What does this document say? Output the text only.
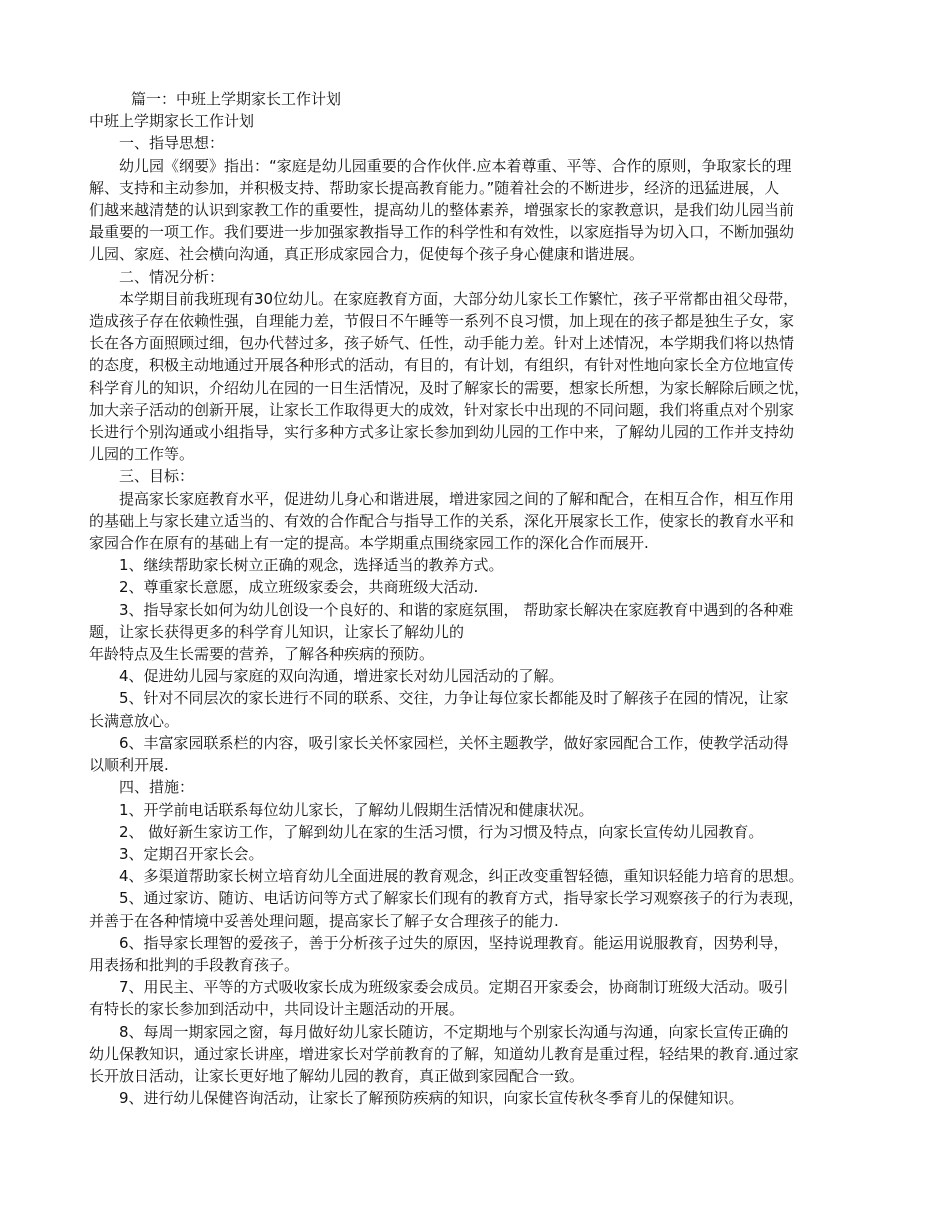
篇一：中班上学期家长工作计划

中班上学期家长工作计划

一、指导思想：

幼儿园《纲要》指出：“家庭是幼儿园重要的合作伙伴.应本着尊重、平等、合作的原则，争取家长的理

解、支持和主动参加，并积极支持、帮助家长提高教育能力。”随着社会的不断进步，经济的迅猛进展，人

们越来越清楚的认识到家教工作的重要性，提高幼儿的整体素养，增强家长的家教意识，是我们幼儿园当前

最重要的一项工作。我们要进一步加强家教指导工作的科学性和有效性，以家庭指导为切入口，不断加强幼

儿园、家庭、社会横向沟通，真正形成家园合力，促使每个孩子身心健康和谐进展。

二、情况分析：

本学期目前我班现有30位幼儿。在家庭教育方面，大部分幼儿家长工作繁忙，孩子平常都由祖父母带，

造成孩子存在依赖性强，自理能力差，节假日不午睡等一系列不良习惯，加上现在的孩子都是独生子女，家

长在各方面照顾过细，包办代替过多，孩子娇气、任性，动手能力差。针对上述情况，本学期我们将以热情

的态度，积极主动地通过开展各种形式的活动，有目的，有计划，有组织，有针对性地向家长全方位地宣传

科学育儿的知识，介绍幼儿在园的一日生活情况，及时了解家长的需要，想家长所想，为家长解除后顾之忧，

加大亲子活动的创新开展，让家长工作取得更大的成效，针对家长中出现的不同问题，我们将重点对个别家

长进行个别沟通或小组指导，实行多种方式多让家长参加到幼儿园的工作中来，了解幼儿园的工作并支持幼

儿园的工作等。

三、目标：

提高家长家庭教育水平，促进幼儿身心和谐进展，增进家园之间的了解和配合，在相互合作，相互作用

的基础上与家长建立适当的、有效的合作配合与指导工作的关系，深化开展家长工作，使家长的教育水平和

家园合作在原有的基础上有一定的提高。本学期重点围绕家园工作的深化合作而展开.

1、继续帮助家长树立正确的观念，选择适当的教养方式。

2、尊重家长意愿，成立班级家委会，共商班级大活动.

3、指导家长如何为幼儿创设一个良好的、和谐的家庭氛围， 帮助家长解决在家庭教育中遇到的各种难

题，让家长获得更多的科学育儿知识，让家长了解幼儿的

年龄特点及生长需要的营养，了解各种疾病的预防。

4、促进幼儿园与家庭的双向沟通，增进家长对幼儿园活动的了解。

5、针对不同层次的家长进行不同的联系、交往，力争让每位家长都能及时了解孩子在园的情况，让家

长满意放心。

6、丰富家园联系栏的内容，吸引家长关怀家园栏，关怀主题教学，做好家园配合工作，使教学活动得

以顺利开展.

四、措施：

1、开学前电话联系每位幼儿家长，了解幼儿假期生活情况和健康状况。

2、 做好新生家访工作，了解到幼儿在家的生活习惯，行为习惯及特点，向家长宣传幼儿园教育。

3、定期召开家长会。

4、多渠道帮助家长树立培育幼儿全面进展的教育观念，纠正改变重智轻德，重知识轻能力培育的思想。

5、通过家访、随访、电话访问等方式了解家长们现有的教育方式，指导家长学习观察孩子的行为表现，

并善于在各种情境中妥善处理问题，提高家长了解子女合理孩子的能力.

6、指导家长理智的爱孩子，善于分析孩子过失的原因，坚持说理教育。能运用说服教育，因势利导，

用表扬和批判的手段教育孩子。

7、用民主、平等的方式吸收家长成为班级家委会成员。定期召开家委会，协商制订班级大活动。吸引

有特长的家长参加到活动中，共同设计主题活动的开展。

8、每周一期家园之窗，每月做好幼儿家长随访，不定期地与个别家长沟通与沟通，向家长宣传正确的

幼儿保教知识，通过家长讲座，增进家长对学前教育的了解，知道幼儿教育是重过程，轻结果的教育.通过家

长开放日活动，让家长更好地了解幼儿园的教育，真正做到家园配合一致。

9、进行幼儿保健咨询活动，让家长了解预防疾病的知识，向家长宣传秋冬季育儿的保健知识。
